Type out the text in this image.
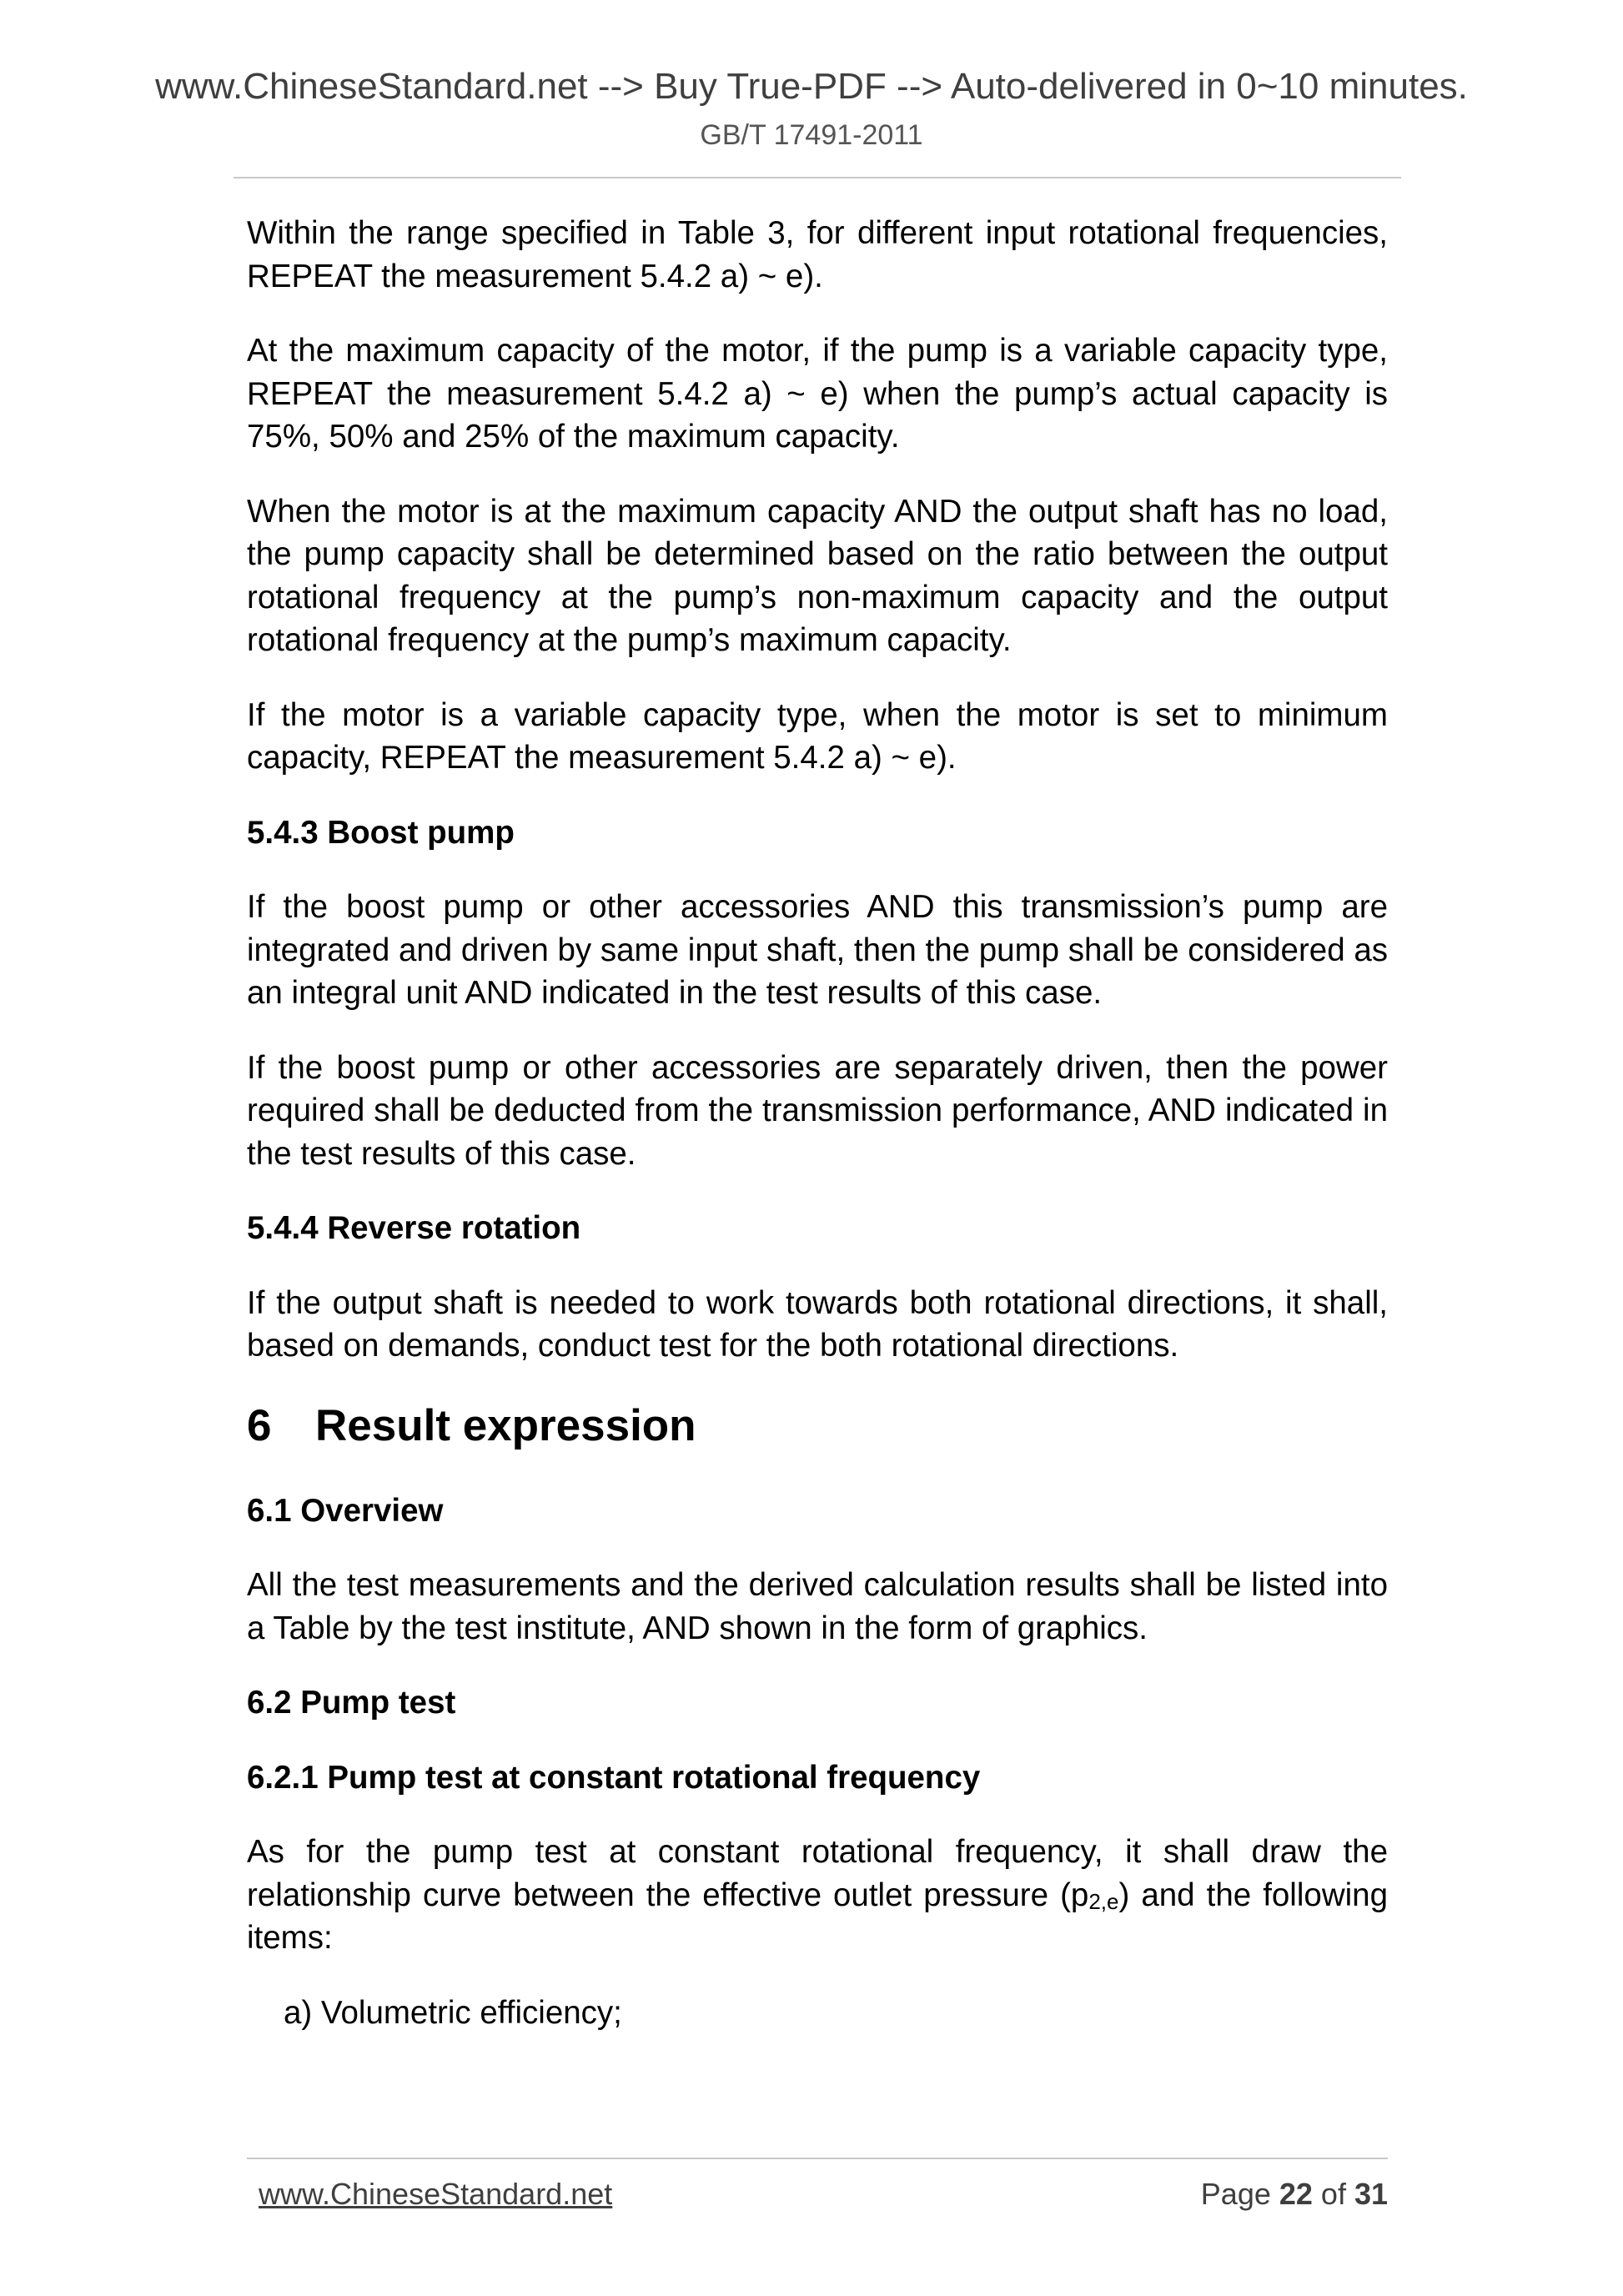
www.ChineseStandard.net --> Buy True-PDF --> Auto-delivered in 0~10 minutes.
GB/T 17491-2011

Within the range specified in Table 3, for different input rotational frequencies, REPEAT the measurement 5.4.2 a) ~ e).

At the maximum capacity of the motor, if the pump is a variable capacity type, REPEAT the measurement 5.4.2 a) ~ e) when the pump’s actual capacity is 75%, 50% and 25% of the maximum capacity.

When the motor is at the maximum capacity AND the output shaft has no load, the pump capacity shall be determined based on the ratio between the output rotational frequency at the pump’s non-maximum capacity and the output rotational frequency at the pump’s maximum capacity.

If the motor is a variable capacity type, when the motor is set to minimum capacity, REPEAT the measurement 5.4.2 a) ~ e).

5.4.3 Boost pump

If the boost pump or other accessories AND this transmission’s pump are integrated and driven by same input shaft, then the pump shall be considered as an integral unit AND indicated in the test results of this case.

If the boost pump or other accessories are separately driven, then the power required shall be deducted from the transmission performance, AND indicated in the test results of this case.

5.4.4 Reverse rotation

If the output shaft is needed to work towards both rotational directions, it shall, based on demands, conduct test for the both rotational directions.

6 Result expression
6.1 Overview

All the test measurements and the derived calculation results shall be listed into a Table by the test institute, AND shown in the form of graphics.

6.2 Pump test
6.2.1 Pump test at constant rotational frequency

As for the pump test at constant rotational frequency, it shall draw the relationship curve between the effective outlet pressure $(p_{2,e})$ and the following items:

a) Volumetric efficiency;
www.ChineseStandard.net	Page 22 of 31
